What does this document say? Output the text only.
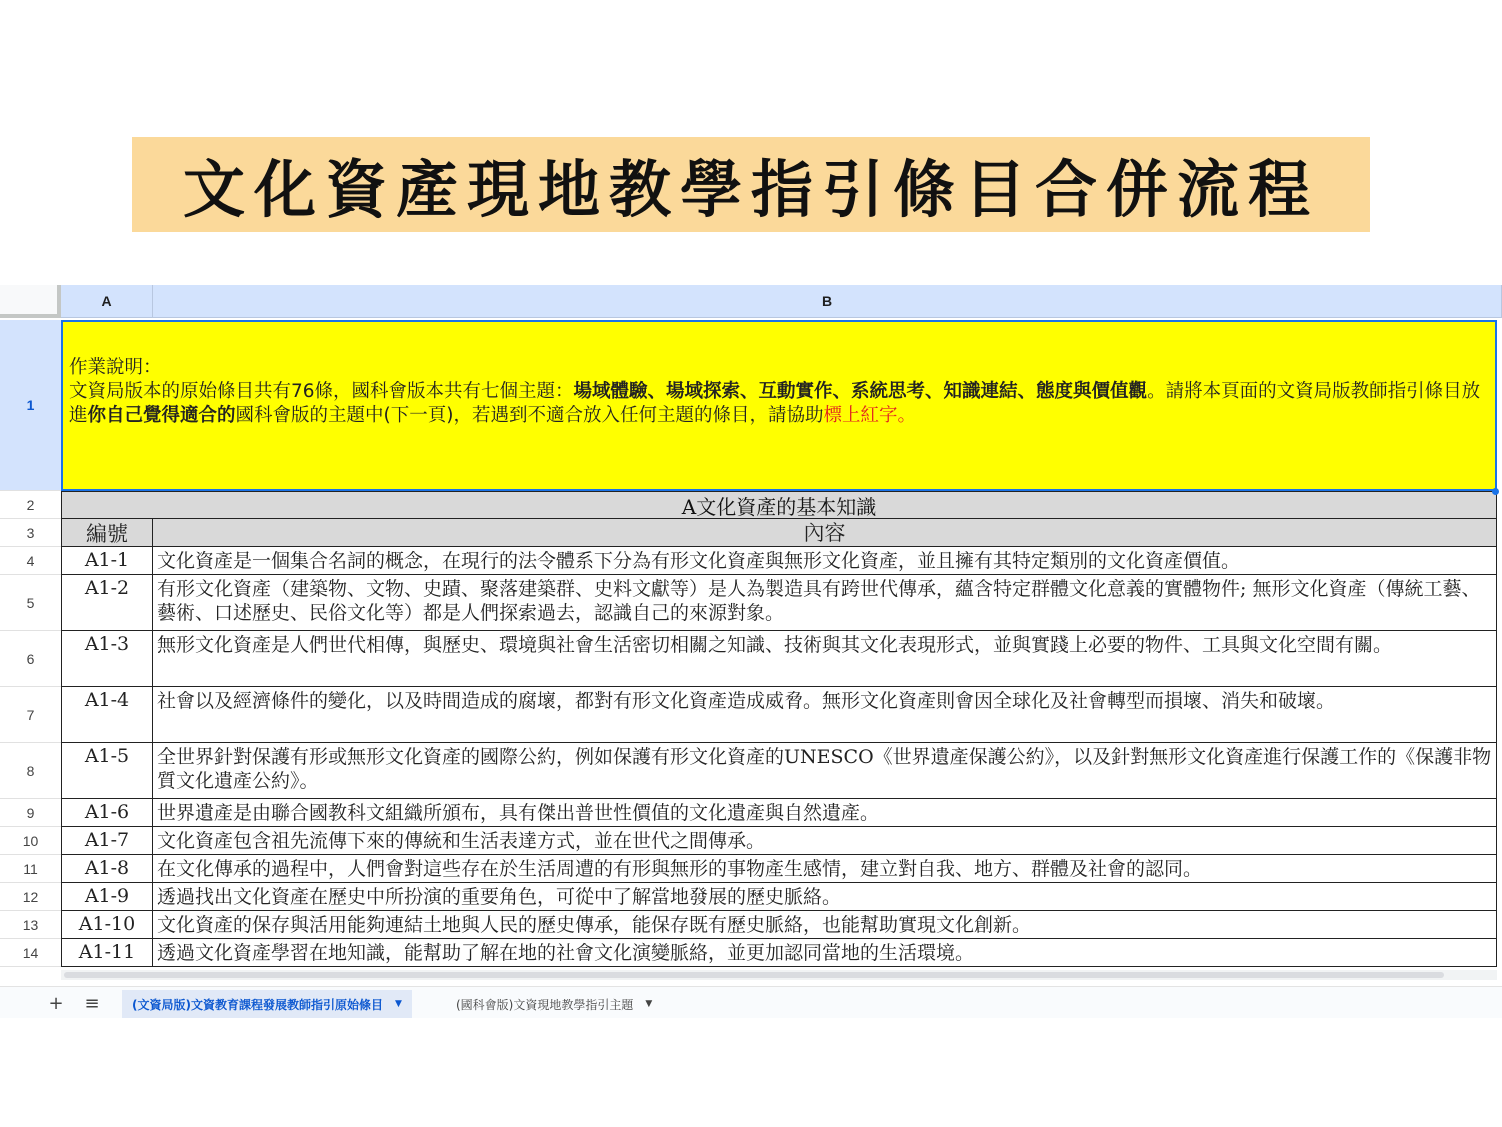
文化資產現地教學指引條目合併流程
A	B
1
2
3
4
5
6
7
8
9
10
11
12
13
14
作業說明：
文資局版本的原始條目共有76條，國科會版本共有七個主題：場域體驗、場域探索、互動實作、系統思考、知識連結、態度與價值觀。請將本頁面的文資局版教師指引條目放進你自己覺得適合的國科會版的主題中(下一頁)，若遇到不適合放入任何主題的條目，請協助標上紅字。
A文化資產的基本知識
編號	內容
A1-1	文化資產是一個集合名詞的概念，在現行的法令體系下分為有形文化資產與無形文化資產，並且擁有其特定類別的文化資產價值。
A1-2	有形文化資產（建築物、文物、史蹟、聚落建築群、史料文獻等）是人為製造具有跨世代傳承，蘊含特定群體文化意義的實體物件; 無形文化資產（傳統工藝、藝術、口述歷史、民俗文化等）都是人們探索過去，認識自己的來源對象。
A1-3	無形文化資產是人們世代相傳，與歷史、環境與社會生活密切相關之知識、技術與其文化表現形式，並與實踐上必要的物件、工具與文化空間有關。
A1-4	社會以及經濟條件的變化，以及時間造成的腐壞，都對有形文化資產造成威脅。無形文化資產則會因全球化及社會轉型而損壞、消失和破壞。
A1-5	全世界針對保護有形或無形文化資產的國際公約，例如保護有形文化資產的UNESCO《世界遺產保護公約》，以及針對無形文化資產進行保護工作的《保護非物質文化遺產公約》。
A1-6	世界遺產是由聯合國教科文組織所頒布，具有傑出普世性價值的文化遺產與自然遺產。
A1-7	文化資產包含祖先流傳下來的傳統和生活表達方式，並在世代之間傳承。
A1-8	在文化傳承的過程中，人們會對這些存在於生活周遭的有形與無形的事物產生感情，建立對自我、地方、群體及社會的認同。
A1-9	透過找出文化資產在歷史中所扮演的重要角色，可從中了解當地發展的歷史脈絡。
A1-10	文化資產的保存與活用能夠連結土地與人民的歷史傳承，能保存既有歷史脈絡，也能幫助實現文化創新。
A1-11	透過文化資產學習在地知識，能幫助了解在地的社會文化演變脈絡，並更加認同當地的生活環境。
+ ≡	(文資局版)文資教育課程發展教師指引原始條目 ▼	(國科會版)文資現地教學指引主題 ▼
